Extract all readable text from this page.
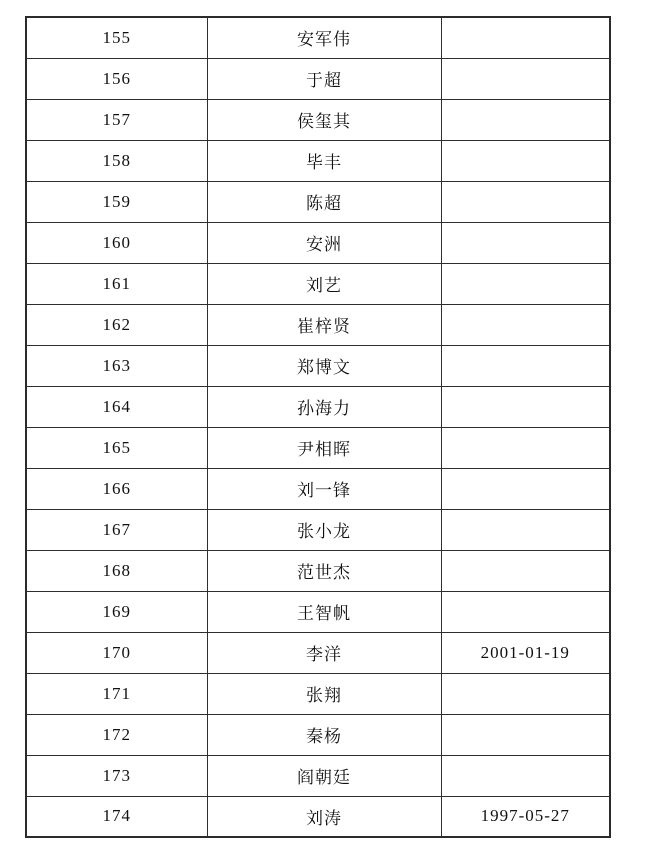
155	安军伟	
156	于超	
157	侯玺其	
158	毕丰	
159	陈超	
160	安洲	
161	刘艺	
162	崔梓贤	
163	郑博文	
164	孙海力	
165	尹相晖	
166	刘一锋	
167	张小龙	
168	范世杰	
169	王智帆	
170	李洋	2001-01-19
171	张翔	
172	秦杨	
173	阎朝廷	
174	刘涛	1997-05-27
